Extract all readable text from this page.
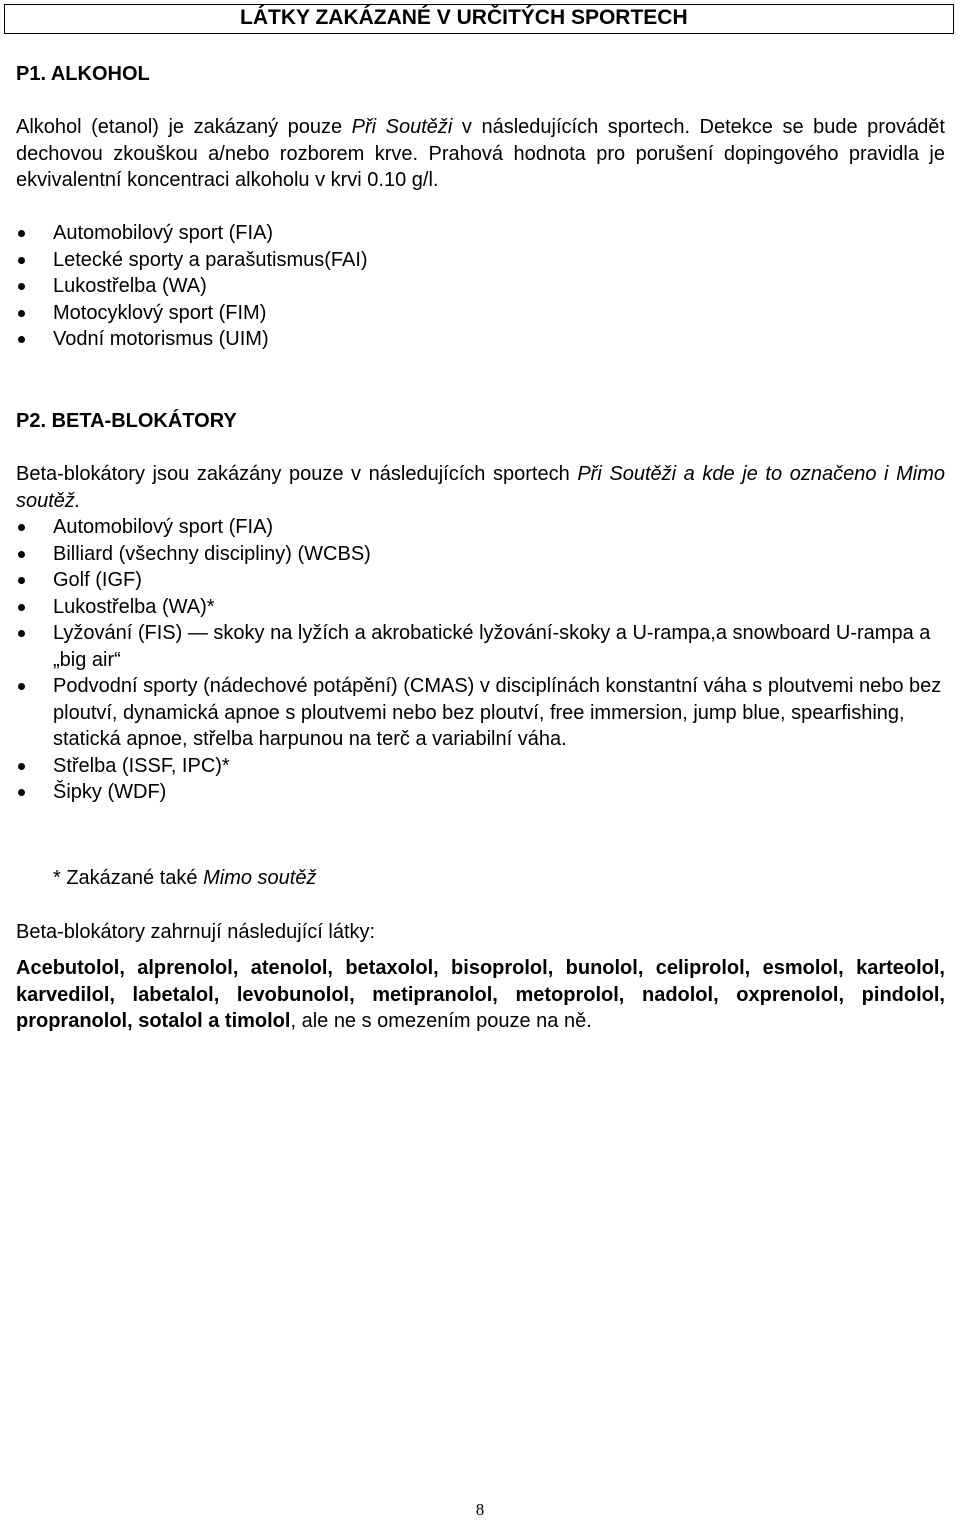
LÁTKY ZAKÁZANÉ V URČITÝCH SPORTECH
P1. ALKOHOL
Alkohol (etanol) je zakázaný pouze Při Soutěži v následujících sportech. Detekce se bude provádět dechovou zkouškou a/nebo rozborem krve. Prahová hodnota pro porušení dopingového pravidla je ekvivalentní koncentraci alkoholu v krvi 0.10 g/l.
Automobilový sport (FIA)
Letecké sporty a parašutismus(FAI)
Lukostřelba (WA)
Motocyklový sport (FIM)
Vodní motorismus (UIM)
P2. BETA-BLOKÁTORY
Beta-blokátory jsou zakázány pouze v následujících sportech Při Soutěži a kde je to označeno i Mimo soutěž.
Automobilový sport (FIA)
Billiard (všechny discipliny) (WCBS)
Golf (IGF)
Lukostřelba (WA)*
Lyžování (FIS) — skoky na lyžích a akrobatické lyžování-skoky a U-rampa,a snowboard U-rampa a „big air“
Podvodní sporty (nádechové potápění) (CMAS) v disciplínách konstantní váha s ploutvemi nebo bez ploutví, dynamická apnoe s ploutvemi nebo bez ploutví, free immersion, jump blue, spearfishing, statická apnoe, střelba harpunou na terč a variabilní váha.
Střelba (ISSF, IPC)*
Šipky (WDF)
* Zakázané také Mimo soutěž
Beta-blokátory zahrnují následující látky:
Acebutolol, alprenolol, atenolol, betaxolol, bisoprolol, bunolol, celiprolol, esmolol, karteolol, karvedilol, labetalol, levobunolol, metipranolol, metoprolol, nadolol, oxprenolol, pindolol, propranolol, sotalol a timolol, ale ne s omezením pouze na ně.
8
